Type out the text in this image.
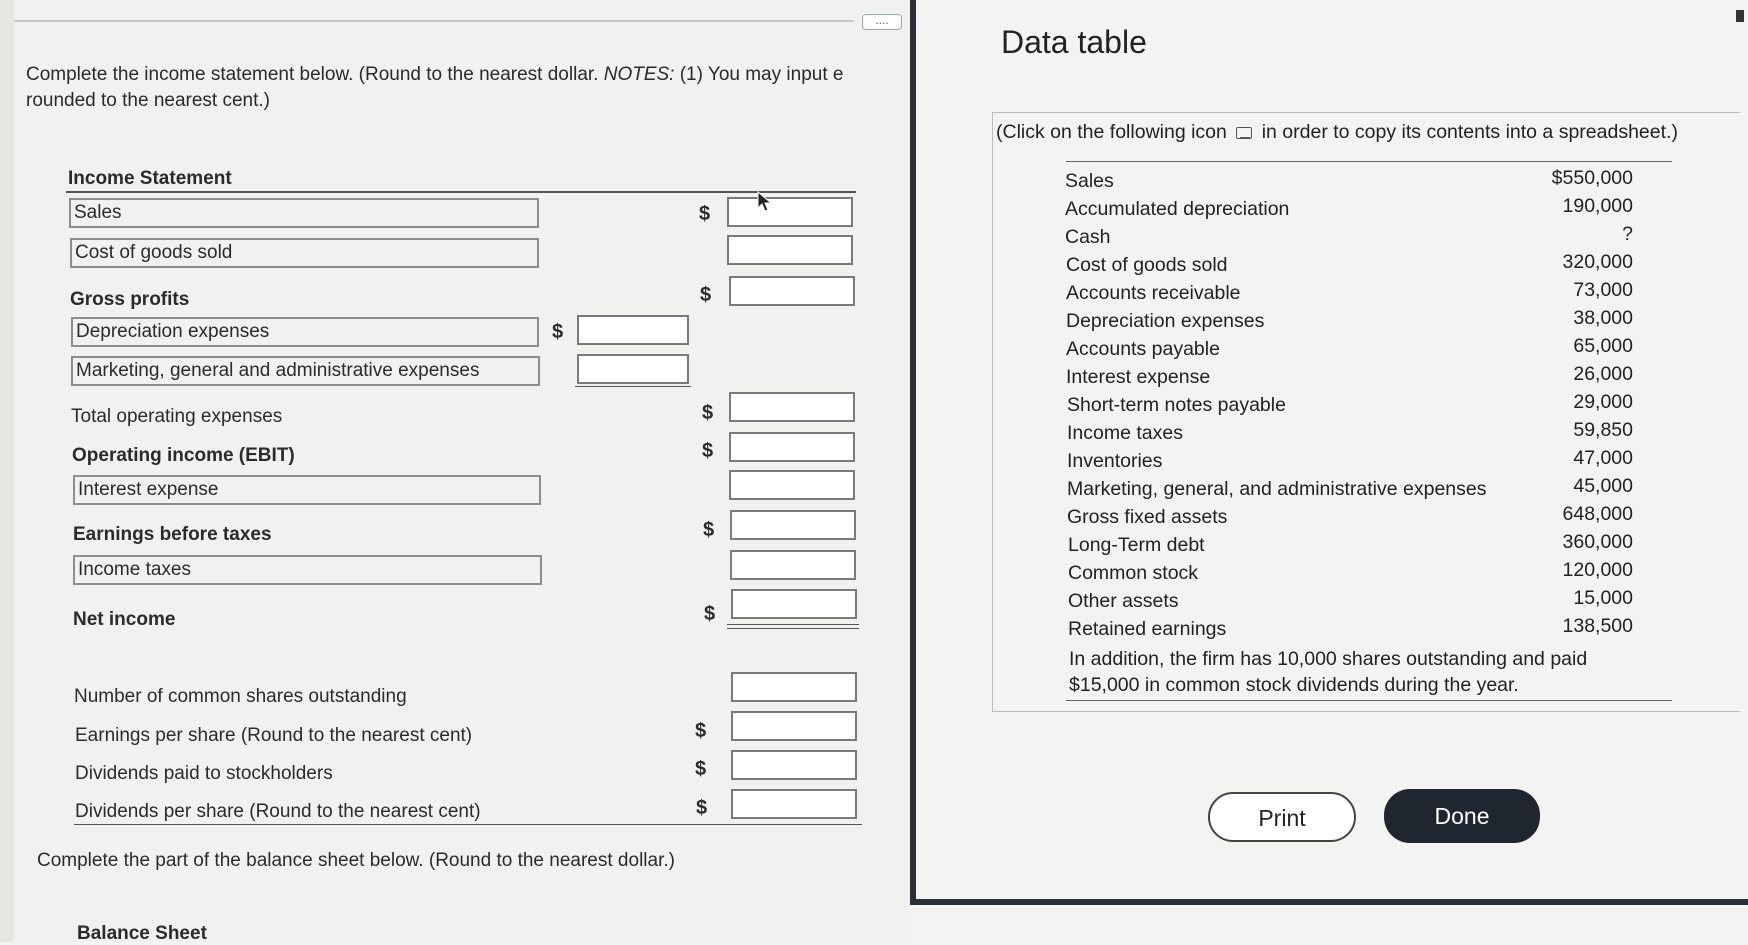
....
Complete the income statement below. (Round to the nearest dollar. NOTES: (1) You may input e
rounded to the nearest cent.)
Income Statement
Sales	$
Cost of goods sold
Gross profits	$
Depreciation expenses	$
Marketing, general and administrative expenses
Total operating expenses	$
Operating income (EBIT)	$
Interest expense
Earnings before taxes	$
Income taxes
Net income	$
Number of common shares outstanding
Earnings per share (Round to the nearest cent)	$
Dividends paid to stockholders	$
Dividends per share (Round to the nearest cent)	$
Complete the part of the balance sheet below. (Round to the nearest dollar.)
Balance Sheet
Data table
(Click on the following icon in order to copy its contents into a spreadsheet.)
Sales	$550,000
Accumulated depreciation	190,000
Cash	?
Cost of goods sold	320,000
Accounts receivable	73,000
Depreciation expenses	38,000
Accounts payable	65,000
Interest expense	26,000
Short-term notes payable	29,000
Income taxes	59,850
Inventories	47,000
Marketing, general, and administrative expenses	45,000
Gross fixed assets	648,000
Long-Term debt	360,000
Common stock	120,000
Other assets	15,000
Retained earnings	138,500
In addition, the firm has 10,000 shares outstanding and paid
$15,000 in common stock dividends during the year.
Print	Done
